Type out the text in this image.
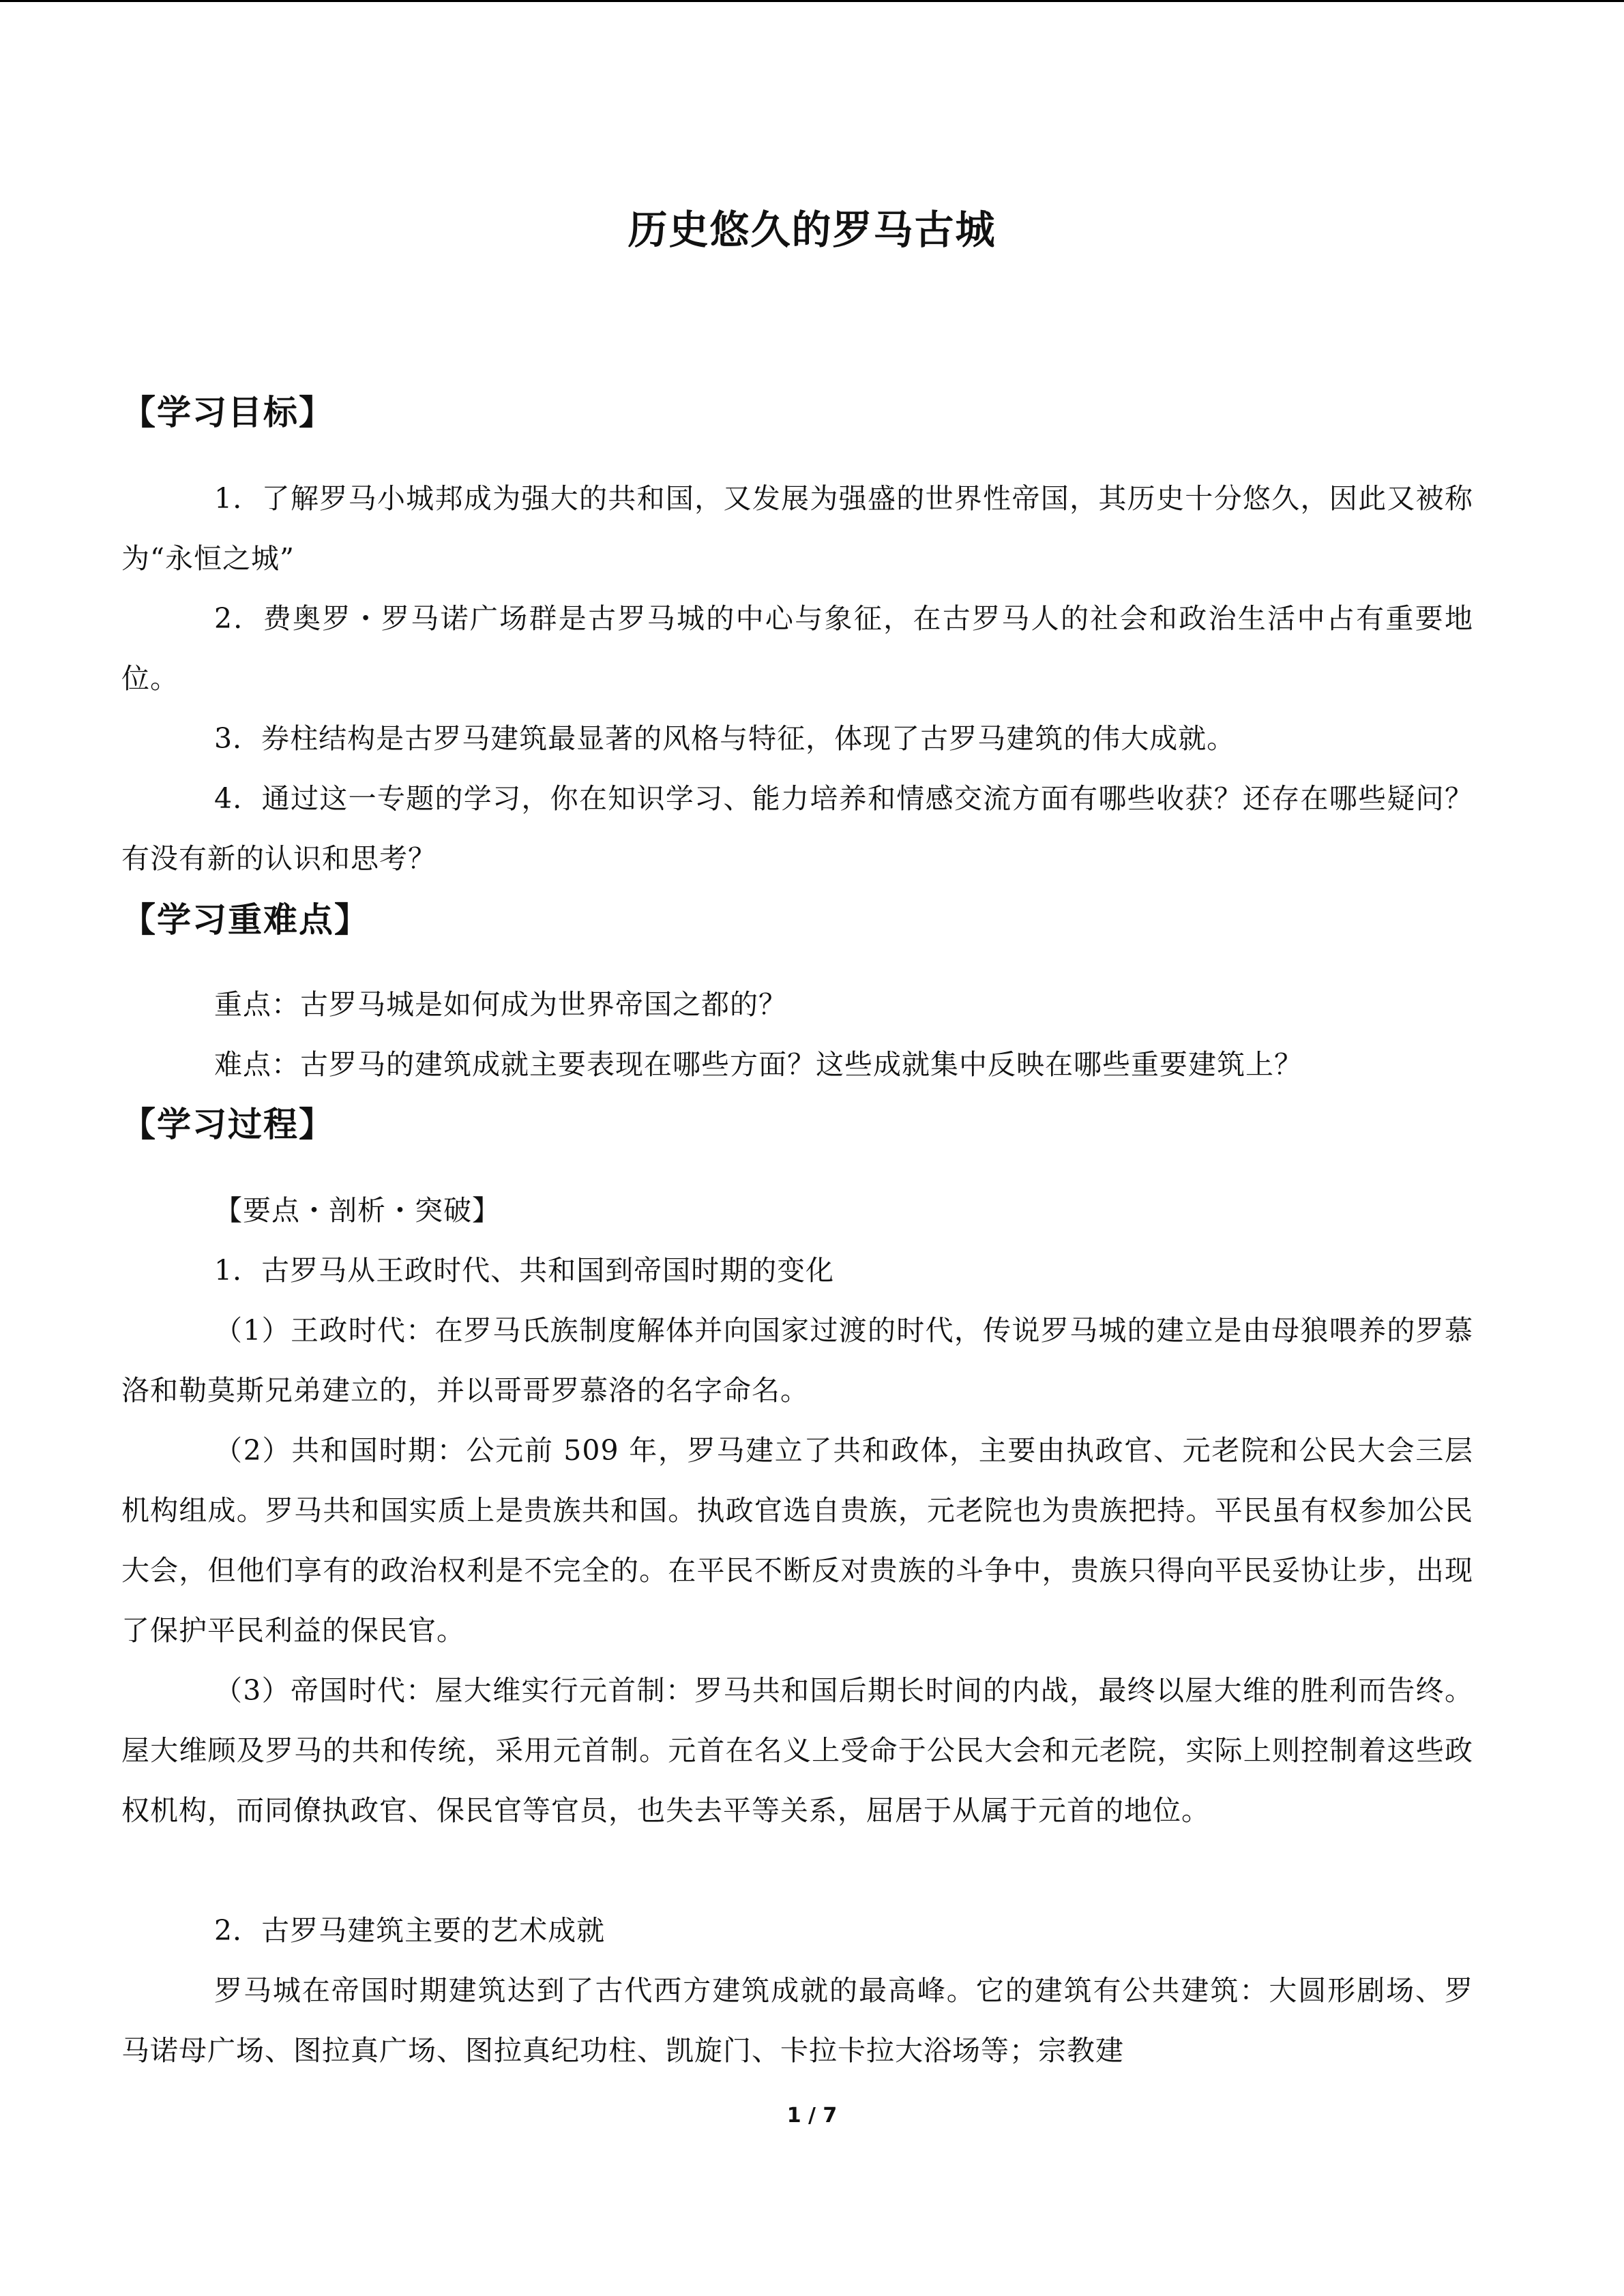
历史悠久的罗马古城
【学习目标】
1．了解罗马小城邦成为强大的共和国，又发展为强盛的世界性帝国，其历史十分悠久，因此又被称为“永恒之城”
2．费奥罗・罗马诺广场群是古罗马城的中心与象征，在古罗马人的社会和政治生活中占有重要地位。
3．券柱结构是古罗马建筑最显著的风格与特征，体现了古罗马建筑的伟大成就。
4．通过这一专题的学习，你在知识学习、能力培养和情感交流方面有哪些收获？还存在哪些疑问？有没有新的认识和思考？
【学习重难点】
重点：古罗马城是如何成为世界帝国之都的？
难点：古罗马的建筑成就主要表现在哪些方面？这些成就集中反映在哪些重要建筑上？
【学习过程】
【要点・剖析・突破】
1．古罗马从王政时代、共和国到帝国时期的变化
（1）王政时代：在罗马氏族制度解体并向国家过渡的时代，传说罗马城的建立是由母狼喂养的罗慕洛和勒莫斯兄弟建立的，并以哥哥罗慕洛的名字命名。
（2）共和国时期：公元前 509 年，罗马建立了共和政体，主要由执政官、元老院和公民大会三层机构组成。罗马共和国实质上是贵族共和国。执政官选自贵族，元老院也为贵族把持。平民虽有权参加公民大会，但他们享有的政治权利是不完全的。在平民不断反对贵族的斗争中，贵族只得向平民妥协让步，出现了保护平民利益的保民官。
（3）帝国时代：屋大维实行元首制：罗马共和国后期长时间的内战，最终以屋大维的胜利而告终。屋大维顾及罗马的共和传统，采用元首制。元首在名义上受命于公民大会和元老院，实际上则控制着这些政权机构，而同僚执政官、保民官等官员，也失去平等关系，屈居于从属于元首的地位。
2．古罗马建筑主要的艺术成就
罗马城在帝国时期建筑达到了古代西方建筑成就的最高峰。它的建筑有公共建筑：大圆形剧场、罗马诺母广场、图拉真广场、图拉真纪功柱、凯旋门、卡拉卡拉大浴场等；宗教建
1 / 7
